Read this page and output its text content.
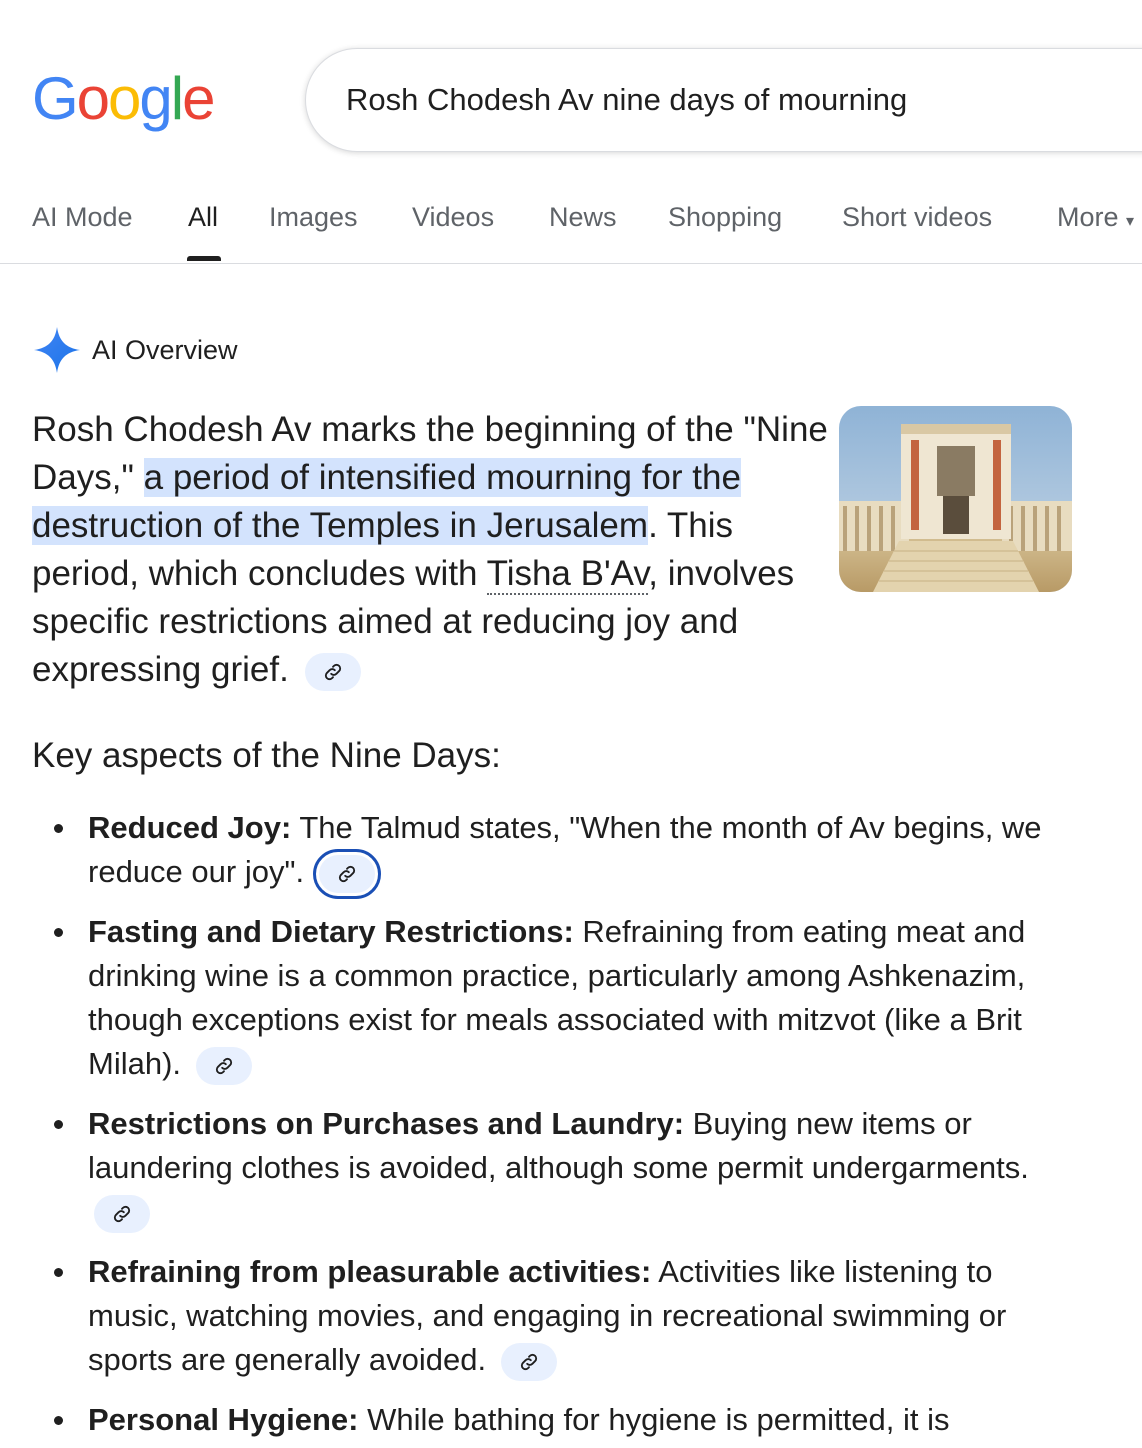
Google
Rosh Chodesh Av nine days of mourning
AI Mode All Images Videos News Shopping Short videos More ▾
AI Overview
Rosh Chodesh Av marks the beginning of the "Nine Days," a period of intensified mourning for the destruction of the Temples in Jerusalem. This period, which concludes with Tisha B'Av, involves specific restrictions aimed at reducing joy and expressing grief.
Key aspects of the Nine Days:
Reduced Joy: The Talmud states, "When the month of Av begins, we reduce our joy".
Fasting and Dietary Restrictions: Refraining from eating meat and drinking wine is a common practice, particularly among Ashkenazim, though exceptions exist for meals associated with mitzvot (like a Brit Milah).
Restrictions on Purchases and Laundry: Buying new items or laundering clothes is avoided, although some permit undergarments.
Refraining from pleasurable activities: Activities like listening to music, watching movies, and engaging in recreational swimming or sports are generally avoided.
Personal Hygiene: While bathing for hygiene is permitted, it is
